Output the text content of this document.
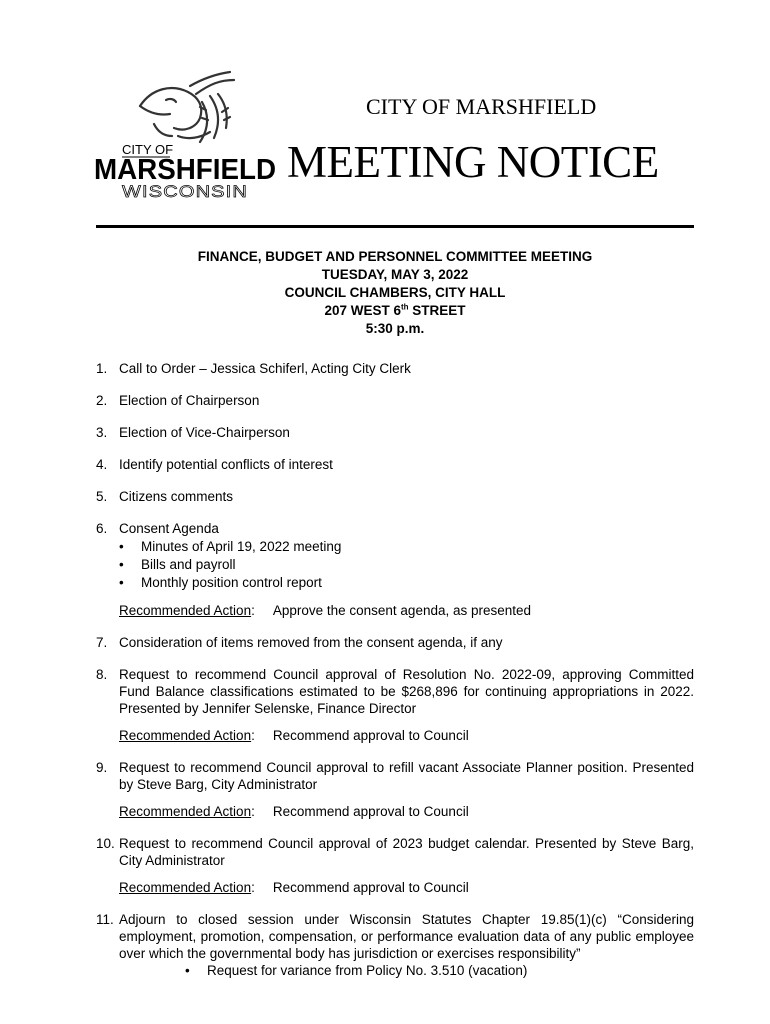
CITY OF
MARSHFIELD
WISCONSIN
CITY OF MARSHFIELD
MEETING NOTICE
FINANCE, BUDGET AND PERSONNEL COMMITTEE MEETING
TUESDAY, MAY 3, 2022
COUNCIL CHAMBERS, CITY HALL
207 WEST 6th STREET
5:30 p.m.
1. Call to Order – Jessica Schiferl, Acting City Clerk
2. Election of Chairperson
3. Election of Vice-Chairperson
4. Identify potential conflicts of interest
5. Citizens comments
6. Consent Agenda
• Minutes of April 19, 2022 meeting
• Bills and payroll
• Monthly position control report
Recommended Action: Approve the consent agenda, as presented
7. Consideration of items removed from the consent agenda, if any
8. Request to recommend Council approval of Resolution No. 2022-09, approving Committed Fund Balance classifications estimated to be $268,896 for continuing appropriations in 2022. Presented by Jennifer Selenske, Finance Director
Recommended Action: Recommend approval to Council
9. Request to recommend Council approval to refill vacant Associate Planner position. Presented by Steve Barg, City Administrator
Recommended Action: Recommend approval to Council
10. Request to recommend Council approval of 2023 budget calendar. Presented by Steve Barg, City Administrator
Recommended Action: Recommend approval to Council
11. Adjourn to closed session under Wisconsin Statutes Chapter 19.85(1)(c) “Considering employment, promotion, compensation, or performance evaluation data of any public employee over which the governmental body has jurisdiction or exercises responsibility”
• Request for variance from Policy No. 3.510 (vacation)
